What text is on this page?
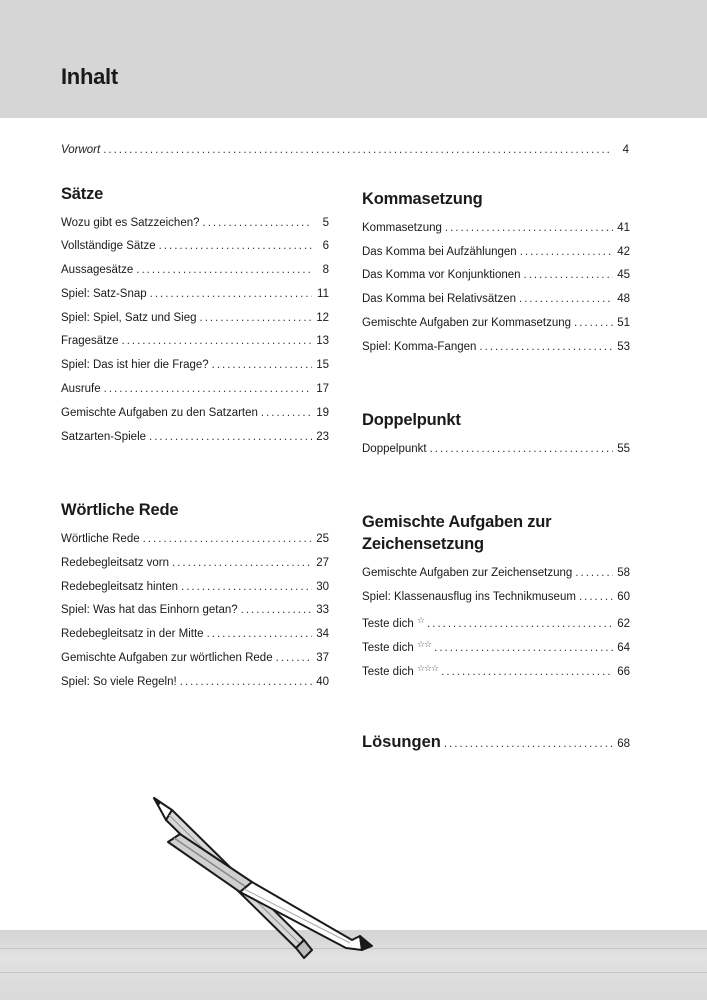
Inhalt
Vorwort . . .	4
Sätze
Wozu gibt es Satzzeichen? . . .	5
Vollständige Sätze . . .	6
Aussagesätze . . .	8
Spiel: Satz-Snap . . .	11
Spiel: Spiel, Satz und Sieg . . .	12
Fragesätze . . .	13
Spiel: Das ist hier die Frage? . . .	15
Ausrufe . . .	17
Gemischte Aufgaben zu den Satzarten . . .	19
Satzarten-Spiele . . .	23
Kommasetzung
Kommasetzung . . .	41
Das Komma bei Aufzählungen . . .	42
Das Komma vor Konjunktionen . . .	45
Das Komma bei Relativsätzen . . .	48
Gemischte Aufgaben zur Kommasetzung . . .	51
Spiel: Komma-Fangen . . .	53
Doppelpunkt
Doppelpunkt . . .	55
Wörtliche Rede
Wörtliche Rede . . .	25
Redebegleitsatz vorn . . .	27
Redebegleitsatz hinten . . .	30
Spiel: Was hat das Einhorn getan? . . .	33
Redebegleitsatz in der Mitte . . .	34
Gemischte Aufgaben zur wörtlichen Rede . . .	37
Spiel: So viele Regeln! . . .	40
Gemischte Aufgaben zur
Zeichensetzung
Gemischte Aufgaben zur Zeichensetzung . . .	58
Spiel: Klassenausflug ins Technikmuseum . . .	60
Teste dich ☆ . . .	62
Teste dich ☆☆ . . .	64
Teste dich ☆☆☆ . . .	66
Lösungen . . .	68
